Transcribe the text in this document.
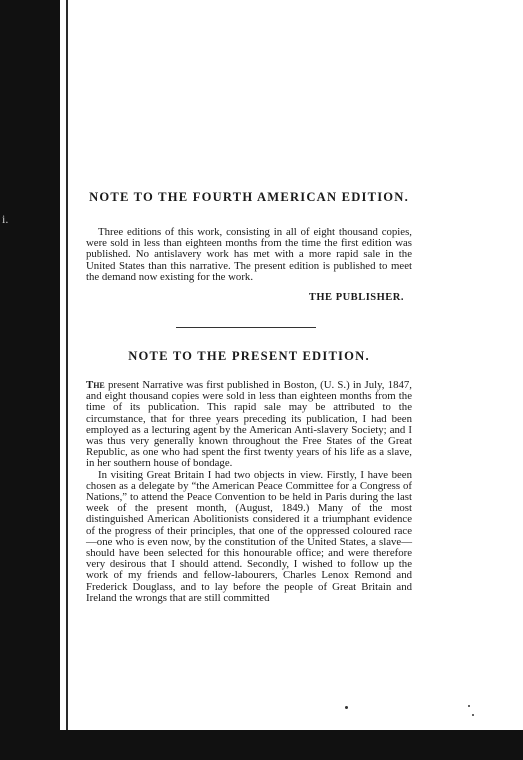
i.
NOTE TO THE FOURTH AMERICAN EDITION.

Three editions of this work, consisting in all of eight thousand copies, were sold in less than eighteen months from the time the first edition was published. No antislavery work has met with a more rapid sale in the United States than this narrative. The present edition is published to meet the demand now existing for the work.

THE PUBLISHER.

NOTE TO THE PRESENT EDITION.

The present Narrative was first published in Boston, (U. S.) in July, 1847, and eight thousand copies were sold in less than eighteen months from the time of its publication. This rapid sale may be attributed to the circumstance, that for three years preceding its publication, I had been employed as a lecturing agent by the American Anti-slavery Society; and I was thus very generally known throughout the Free States of the Great Republic, as one who had spent the first twenty years of his life as a slave, in her southern house of bondage.
In visiting Great Britain I had two objects in view. Firstly, I have been chosen as a delegate by “the American Peace Committee for a Congress of Nations,” to attend the Peace Convention to be held in Paris during the last week of the present month, (August, 1849.) Many of the most distinguished American Abolitionists considered it a triumphant evidence of the progress of their principles, that one of the oppressed coloured race—one who is even now, by the constitution of the United States, a slave—should have been selected for this honourable office; and were therefore very desirous that I should attend. Secondly, I wished to follow up the work of my friends and fellow-labourers, Charles Lenox Remond and Frederick Douglass, and to lay before the people of Great Britain and Ireland the wrongs that are still committed
